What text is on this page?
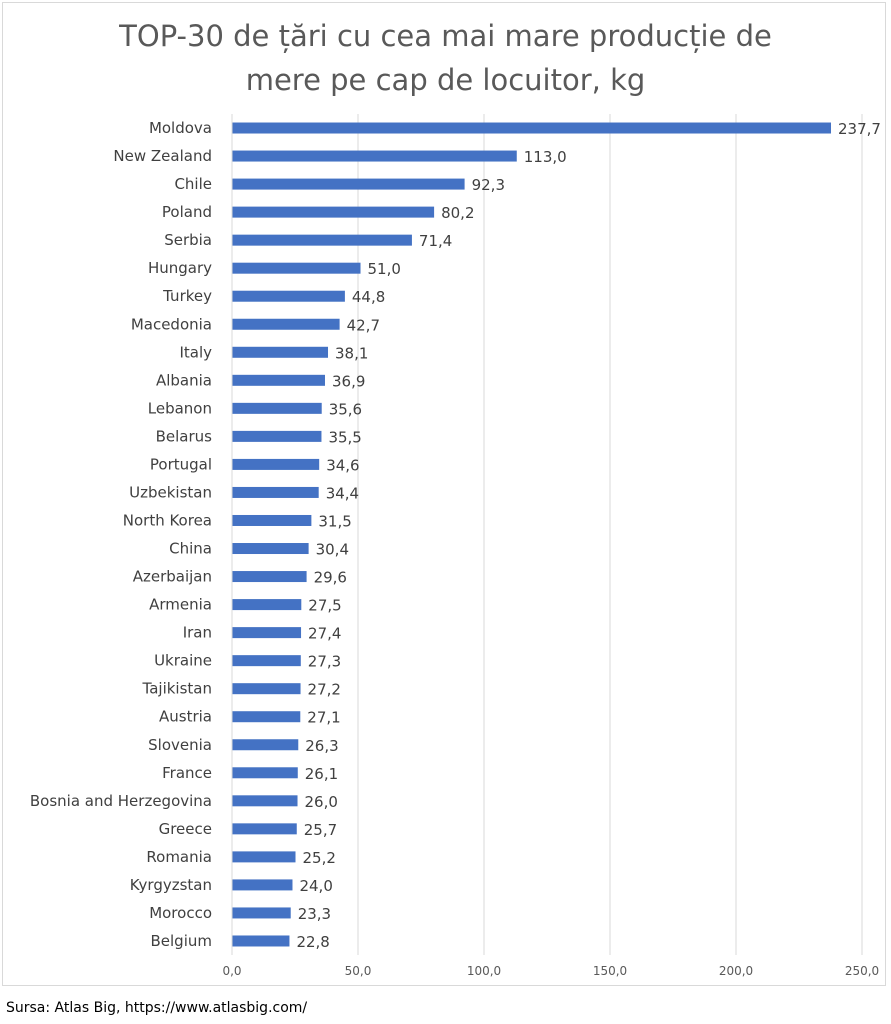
TOP-30 de țări cu cea mai mare producție de
mere pe cap de locuitor, kg
0,0	50,0	100,0	150,0	200,0	250,0
Moldova	237,7
New Zealand	113,0
Chile	92,3
Poland	80,2
Serbia	71,4
Hungary	51,0
Turkey	44,8
Macedonia	42,7
Italy	38,1
Albania	36,9
Lebanon	35,6
Belarus	35,5
Portugal	34,6
Uzbekistan	34,4
North Korea	31,5
China	30,4
Azerbaijan	29,6
Armenia	27,5
Iran	27,4
Ukraine	27,3
Tajikistan	27,2
Austria	27,1
Slovenia	26,3
France	26,1
Bosnia and Herzegovina	26,0
Greece	25,7
Romania	25,2
Kyrgyzstan	24,0
Morocco	23,3
Belgium	22,8
Sursa: Atlas Big, https://www.atlasbig.com/
